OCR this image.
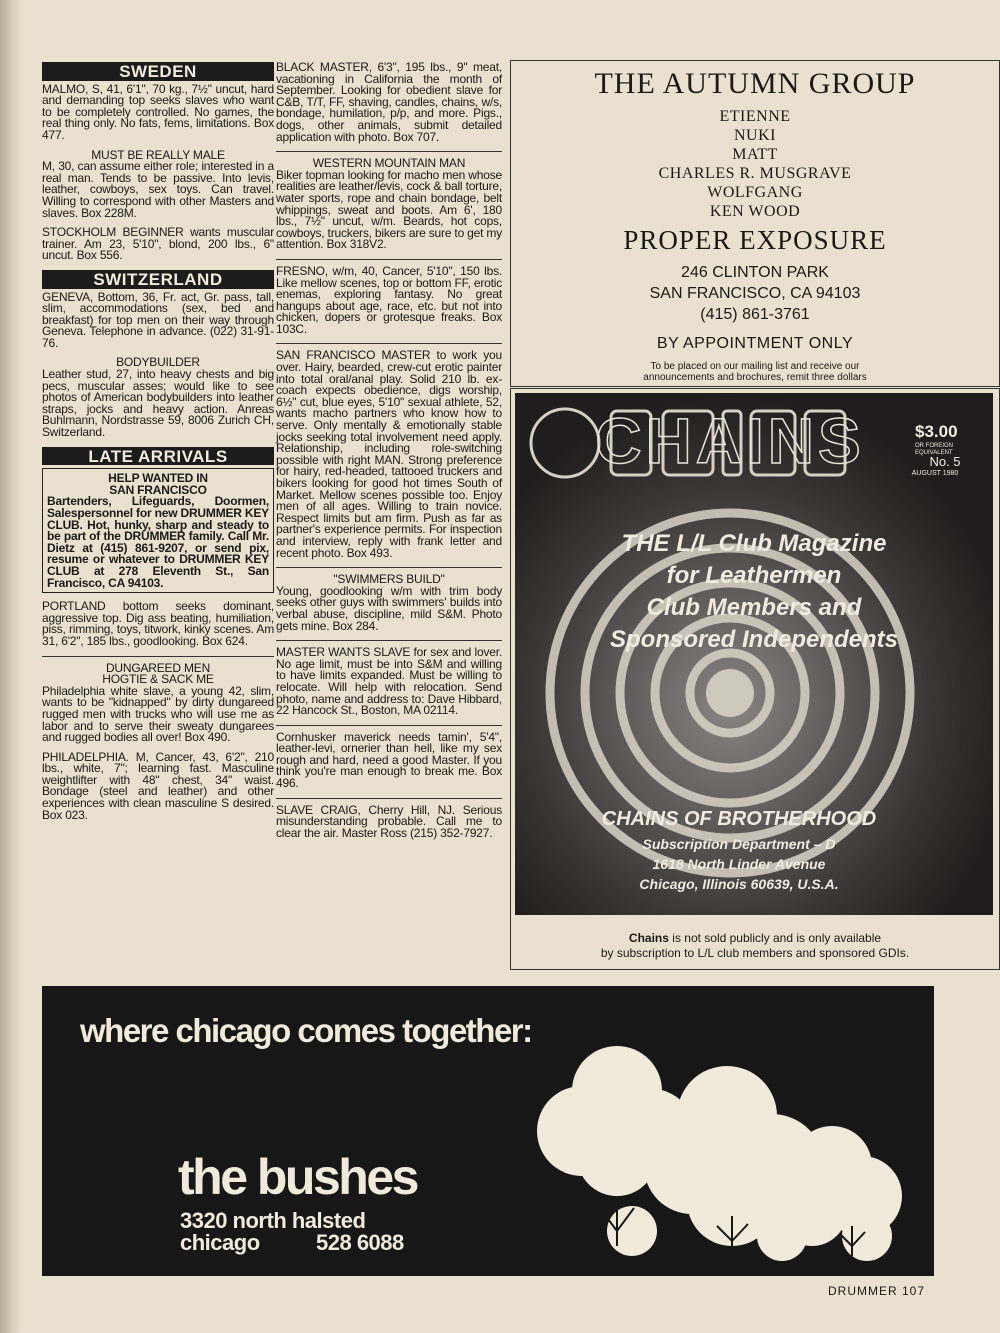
SWEDEN

MALMO, S, 41, 6'1", 70 kg., 7½" uncut, hard and demanding top seeks slaves who want to be completely controlled. No games, the real thing only. No fats, fems, limitations. Box 477.

MUST BE REALLY MALE

M, 30, can assume either role; interested in a real man. Tends to be passive. Into levis, leather, cowboys, sex toys. Can travel. Willing to correspond with other Masters and slaves. Box 228M.

STOCKHOLM BEGINNER wants muscular trainer. Am 23, 5'10", blond, 200 lbs., 6" uncut. Box 556.

SWITZERLAND

GENEVA, Bottom, 36, Fr. act, Gr. pass, tall, slim, accommodations (sex, bed and breakfast) for top men on their way through Geneva. Telephone in advance. (022) 31-91-76.

BODYBUILDER

Leather stud, 27, into heavy chests and big pecs, muscular asses; would like to see photos of American bodybuilders into leather straps, jocks and heavy action. Anreas Buhlmann, Nordstrasse 59, 8006 Zurich CH, Switzerland.

LATE ARRIVALS

HELP WANTED IN

SAN FRANCISCO

Bartenders, Lifeguards, Doormen, Salespersonnel for new DRUMMER KEY CLUB. Hot, hunky, sharp and steady to be part of the DRUMMER family. Call Mr. Dietz at (415) 861-9207, or send pix, resume or whatever to DRUMMER KEY CLUB at 278 Eleventh St., San Francisco, CA 94103.

PORTLAND bottom seeks dominant, aggressive top. Dig ass beating, humiliation, piss, rimming, toys, titwork, kinky scenes. Am 31, 6'2", 185 lbs., goodlooking. Box 624.

DUNGAREED MEN

HOGTIE & SACK ME

Philadelphia white slave, a young 42, slim, wants to be "kidnapped" by dirty dungareed rugged men with trucks who will use me as labor and to serve their sweaty dungarees and rugged bodies all over! Box 490.

PHILADELPHIA. M, Cancer, 43, 6'2", 210 lbs., white, 7"; learning fast. Masculine weightlifter with 48" chest, 34" waist. Bondage (steel and leather) and other experiences with clean masculine S desired. Box 023.

BLACK MASTER, 6'3", 195 lbs., 9" meat, vacationing in California the month of September. Looking for obedient slave for C&B, T/T, FF, shaving, candles, chains, w/s, bondage, humilation, p/p, and more. Pigs., dogs, other animals, submit detailed application with photo. Box 707.

WESTERN MOUNTAIN MAN

Biker topman looking for macho men whose realities are leather/levis, cock & ball torture, water sports, rope and chain bondage, belt whippings, sweat and boots. Am 6', 180 lbs., 7½" uncut, w/m. Beards, hot cops, cowboys, truckers, bikers are sure to get my attention. Box 318V2.

FRESNO, w/m, 40, Cancer, 5'10", 150 lbs. Like mellow scenes, top or bottom FF, erotic enemas, exploring fantasy. No great hangups about age, race, etc. but not into chicken, dopers or grotesque freaks. Box 103C.

SAN FRANCISCO MASTER to work you over. Hairy, bearded, crew-cut erotic painter into total oral/anal play. Solid 210 lb. ex-coach expects obedience, digs worship, 6½" cut, blue eyes, 5'10" sexual athlete, 52, wants macho partners who know how to serve. Only mentally & emotionally stable jocks seeking total involvement need apply. Relationship, including role-switching possible with right MAN. Strong preference for hairy, red-headed, tattooed truckers and bikers looking for good hot times South of Market. Mellow scenes possible too. Enjoy men of all ages. Willing to train novice. Respect limits but am firm. Push as far as partner's experience permits. For inspection and interview, reply with frank letter and recent photo. Box 493.

"SWIMMERS BUILD"

Young, goodlooking w/m with trim body seeks other guys with swimmers' builds into verbal abuse, discipline, mild S&M. Photo gets mine. Box 284.

MASTER WANTS SLAVE for sex and lover. No age limit, must be into S&M and willing to have limits expanded. Must be willing to relocate. Will help with relocation. Send photo, name and address to: Dave Hibbard, 22 Hancock St., Boston, MA 02114.

Cornhusker maverick needs tamin', 5'4", leather-levi, ornerier than hell, like my sex rough and hard, need a good Master. If you think you're man enough to break me. Box 496.

SLAVE CRAIG, Cherry Hill, NJ. Serious misunderstanding probable. Call me to clear the air. Master Ross (215) 352-7927.

THE AUTUMN GROUP
ETIENNE
NUKI
MATT
CHARLES R. MUSGRAVE
WOLFGANG
KEN WOOD
PROPER EXPOSURE
246 CLINTON PARK
SAN FRANCISCO, CA 94103
(415) 861-3761
BY APPOINTMENT ONLY
To be placed on our mailing list and receive our
announcements and brochures, remit three dollars
CHAINS	$3.00
OR FOREIGN
EQUIVALENT
No. 5
AUGUST 1980
THE L/L Club Magazine
for Leathermen
Club Members and
Sponsored Independents
CHAINS OF BROTHERHOOD
Subscription Department – D
1618 North Linder Avenue
Chicago, Illinois 60639, U.S.A.
Chains is not sold publicly and is only available
by subscription to L/L club members and sponsored GDIs.
where chicago comes together:
the bushes
3320 north halsted
chicago	528 6088
DRUMMER 107
